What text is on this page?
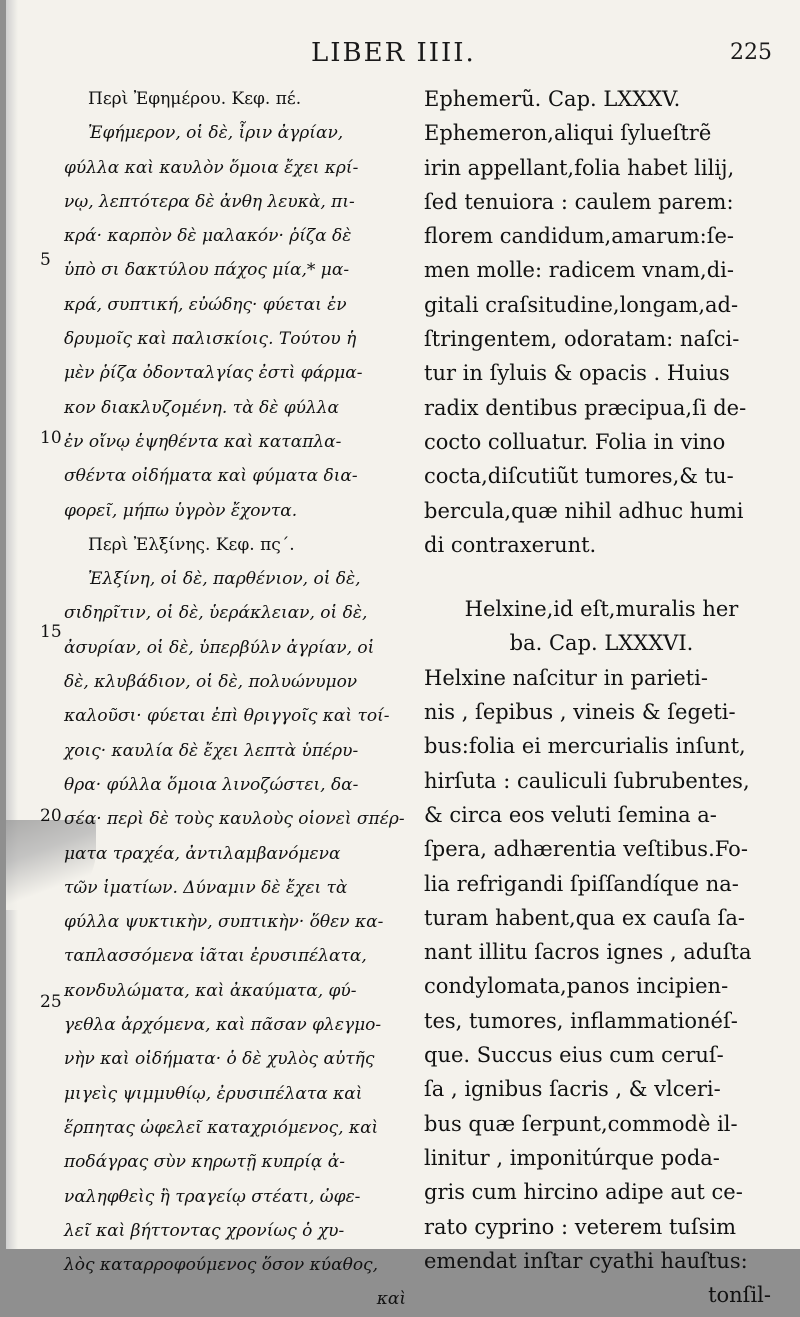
LIBER IIII.	225
5
10
15
20
25
Περὶ Ἐφημέρου. Κεφ. πέ.
Ἐφήμερον, οἱ δὲ, ἶριν ἀγρίαν,
φύλλα καὶ καυλὸν ὅμοια ἔχει κρί-
νῳ, λεπτότερα δὲ ἀνθη λευκὰ, πι-
κρά· καρπὸν δὲ μαλακόν· ῥίζα δὲ
ὑπὸ σι δακτύλου πάχος μία,* μα-
κρά, συπτική, εὐώδης· φύεται ἐν
δρυμοῖς καὶ παλισκίοις. Τούτου ἡ
μὲν ῥίζα ὀδονταλγίας ἐστὶ φάρμα-
κον διακλυζομένη. τὰ δὲ φύλλα
ἐν οἴνῳ ἑψηθέντα καὶ καταπλα-
σθέντα οἰδήματα καὶ φύματα δια-
φορεῖ, μήπω ὑγρὸν ἔχοντα.
Περὶ Ἐλξίνης. Κεφ. πς΄.
Ἐλξίνη, οἱ δὲ, παρθένιον, οἱ δὲ,
σιδηρῖτιν, οἱ δὲ, ὑεράκλειαν, οἱ δὲ,
ἀσυρίαν, οἱ δὲ, ὑπερβύλν ἀγρίαν, οἱ
δὲ, κλυβάδιον, οἱ δὲ, πολυώνυμον
καλοῦσι· φύεται ἐπὶ θριγγοῖς καὶ τοί-
χοις· καυλία δὲ ἔχει λεπτὰ ὑπέρυ-
θρα· φύλλα ὅμοια λινοζώστει, δα-
σέα· περὶ δὲ τοὺς καυλοὺς οἱονεὶ σπέρ-
ματα τραχέα, ἀντιλαμβανόμενα
τῶν ἱματίων. Δύναμιν δὲ ἔχει τὰ
φύλλα ψυκτικὴν, συπτικὴν· ὅθεν κα-
ταπλασσόμενα ἰᾶται ἐρυσιπέλατα,
κονδυλώματα, καὶ ἀκαύματα, φύ-
γεθλα ἀρχόμενα, καὶ πᾶσαν φλεγμο-
νὴν καὶ οἰδήματα· ὁ δὲ χυλὸς αὐτῆς
μιγεὶς ψιμμυθίῳ, ἐρυσιπέλατα καὶ
ἕρπητας ὠφελεῖ καταχριόμενος, καὶ
ποδάγρας σὺν κηρωτῇ κυπρίᾳ ἀ-
ναληφθεὶς ἢ τραγείῳ στέατι, ὠφε-
λεῖ καὶ βήττοντας χρονίως ὁ χυ-
λὸς καταρροφούμενος ὅσον κύαθος,
καὶ
Ephemerũ. Cap. LXXXV.
Ephemeron,aliqui ſylueſtrẽ
irin appellant,folia habet lilij,
ſed tenuiora : caulem parem:
florem candidum,amarum:ſe-
men molle: radicem vnam,di-
gitali craſsitudine,longam,ad-
ſtringentem, odoratam: naſci-
tur in ſyluis & opacis . Huius
radix dentibus præcipua,ſi de-
cocto colluatur. Folia in vino
cocta,diſcutiũt tumores,& tu-
bercula,quæ nihil adhuc humi
di contraxerunt.
Helxine,id eſt,muralis her
ba. Cap. LXXXVI.
Helxine naſcitur in parieti-
nis , ſepibus , vineis & ſegeti-
bus:folia ei mercurialis inſunt,
hirſuta : cauliculi ſubrubentes,
& circa eos veluti ſemina a-
ſpera, adhærentia veſtibus.Fo-
lia refrigandi ſpiſſandíque na-
turam habent,qua ex cauſa ſa-
nant illitu ſacros ignes , aduſta
condylomata,panos incipien-
tes, tumores, inflammationéſ-
que. Succus eius cum ceruſ-
ſa , ignibus ſacris , & vlceri-
bus quæ ſerpunt,commodè il-
linitur , imponitúrque poda-
gris cum hircino adipe aut ce-
rato cyprino : veterem tuſsim
emendat inſtar cyathi hauſtus:
tonſil-
